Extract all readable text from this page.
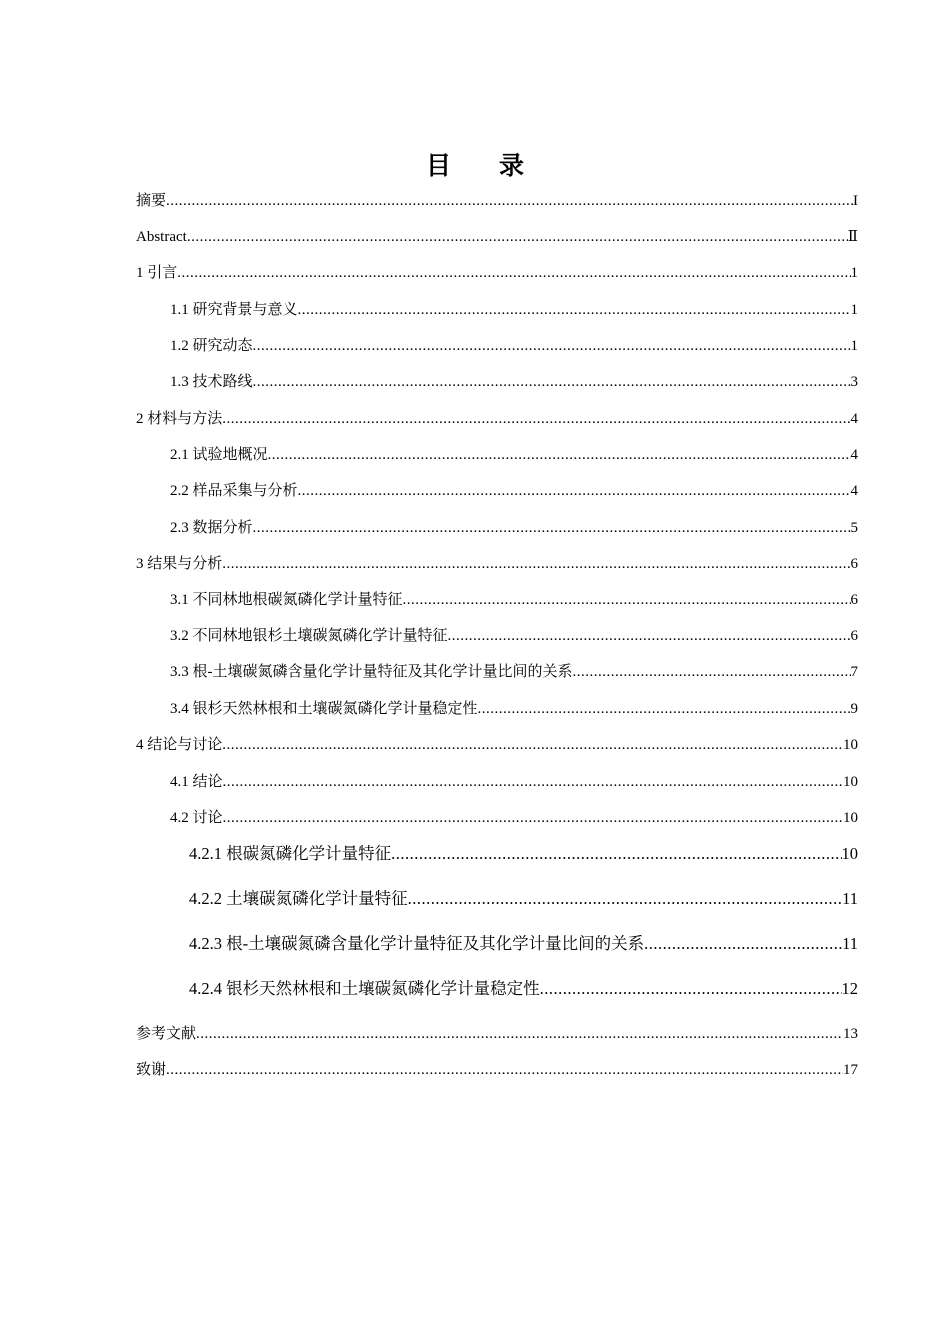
目 录
摘要 .....	I
Abstract .....	Ⅱ
1 引言 .....	1
1.1 研究背景与意义 .....	1
1.2 研究动态 .....	1
1.3 技术路线 .....	3
2 材料与方法 .....	4
2.1 试验地概况 .....	4
2.2 样品采集与分析 .....	4
2.3 数据分析 .....	5
3 结果与分析 .....	6
3.1 不同林地根碳氮磷化学计量特征 .....	6
3.2 不同林地银杉土壤碳氮磷化学计量特征 .....	6
3.3 根-土壤碳氮磷含量化学计量特征及其化学计量比间的关系 .....	7
3.4 银杉天然林根和土壤碳氮磷化学计量稳定性 .....	9
4 结论与讨论 .....	10
4.1 结论 .....	10
4.2 讨论 .....	10
4.2.1 根碳氮磷化学计量特征 .....	10
4.2.2 土壤碳氮磷化学计量特征 .....	11
4.2.3 根-土壤碳氮磷含量化学计量特征及其化学计量比间的关系 .....	11
4.2.4 银杉天然林根和土壤碳氮磷化学计量稳定性 .....	12
参考文献 .....	13
致谢 .....	17
